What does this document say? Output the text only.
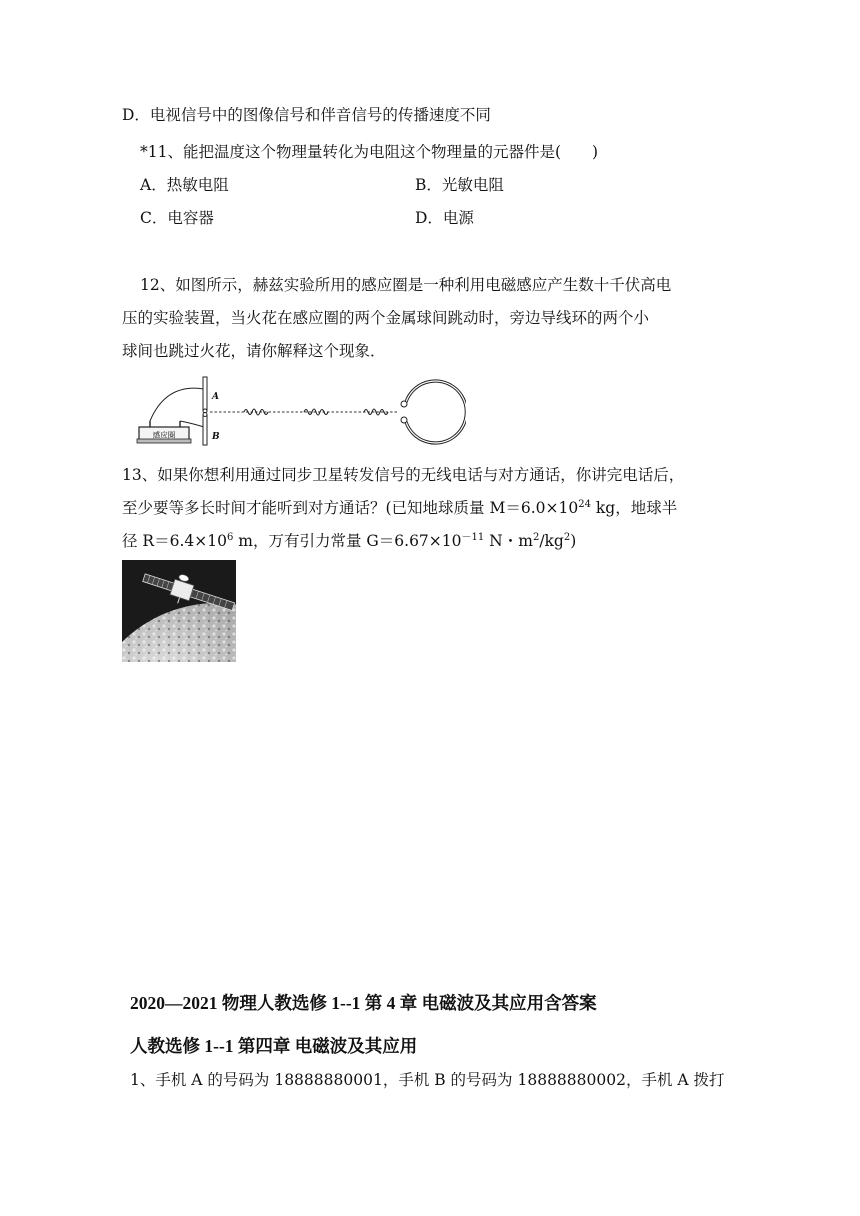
D．电视信号中的图像信号和伴音信号的传播速度不同
*11、能把温度这个物理量转化为电阻这个物理量的元器件是(　　)
A．热敏电阻	B．光敏电阻
C．电容器	D．电源
12、如图所示，赫兹实验所用的感应圈是一种利用电磁感应产生数十千伏高电
压的实验装置，当火花在感应圈的两个金属球间跳动时，旁边导线环的两个小
球间也跳过火花，请你解释这个现象．
感应圈
A
B
13、如果你想利用通过同步卫星转发信号的无线电话与对方通话，你讲完电话后，
至少要等多长时间才能听到对方通话？(已知地球质量 $M=6.0\times 10^{24}$ kg，地球半
径 $R=6.4\times 10^6$ m，万有引力常量 $G=6.67\times 10^{-11}$ N・$m^2/kg^2$)
2020—2021 物理人教选修 1--1 第 4 章 电磁波及其应用含答案
人教选修 1--1 第四章 电磁波及其应用
1、手机 A 的号码为 18888880001，手机 B 的号码为 18888880002，手机 A 拨打
